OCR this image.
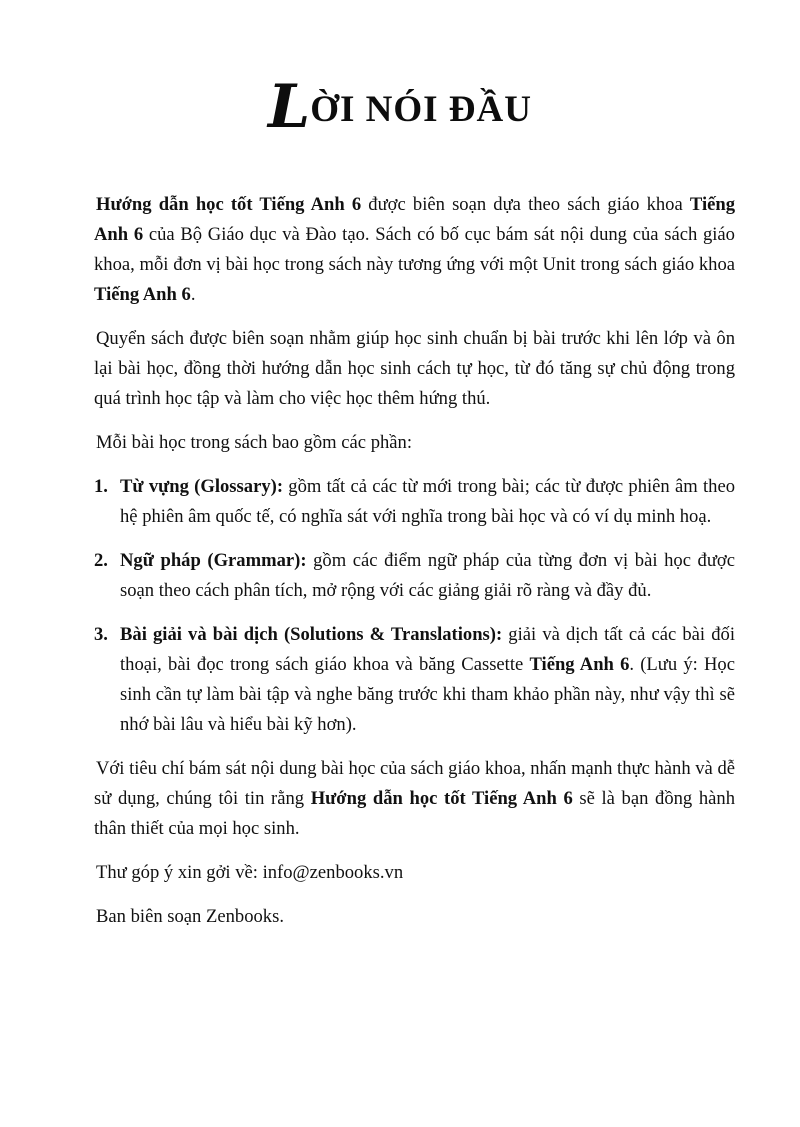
LỜI NÓI ĐẦU

Hướng dẫn học tốt Tiếng Anh 6 được biên soạn dựa theo sách giáo khoa Tiếng Anh 6 của Bộ Giáo dục và Đào tạo. Sách có bố cục bám sát nội dung của sách giáo khoa, mỗi đơn vị bài học trong sách này tương ứng với một Unit trong sách giáo khoa Tiếng Anh 6.

Quyển sách được biên soạn nhằm giúp học sinh chuẩn bị bài trước khi lên lớp và ôn lại bài học, đồng thời hướng dẫn học sinh cách tự học, từ đó tăng sự chủ động trong quá trình học tập và làm cho việc học thêm hứng thú.

Mỗi bài học trong sách bao gồm các phần:

1. Từ vựng (Glossary): gồm tất cả các từ mới trong bài; các từ được phiên âm theo hệ phiên âm quốc tế, có nghĩa sát với nghĩa trong bài học và có ví dụ minh hoạ.
2. Ngữ pháp (Grammar): gồm các điểm ngữ pháp của từng đơn vị bài học được soạn theo cách phân tích, mở rộng với các giảng giải rõ ràng và đầy đủ.
3. Bài giải và bài dịch (Solutions & Translations): giải và dịch tất cả các bài đối thoại, bài đọc trong sách giáo khoa và băng Cassette Tiếng Anh 6. (Lưu ý: Học sinh cần tự làm bài tập và nghe băng trước khi tham khảo phần này, như vậy thì sẽ nhớ bài lâu và hiểu bài kỹ hơn).

Với tiêu chí bám sát nội dung bài học của sách giáo khoa, nhấn mạnh thực hành và dễ sử dụng, chúng tôi tin rằng Hướng dẫn học tốt Tiếng Anh 6 sẽ là bạn đồng hành thân thiết của mọi học sinh.

Thư góp ý xin gởi về: info@zenbooks.vn

Ban biên soạn Zenbooks.
